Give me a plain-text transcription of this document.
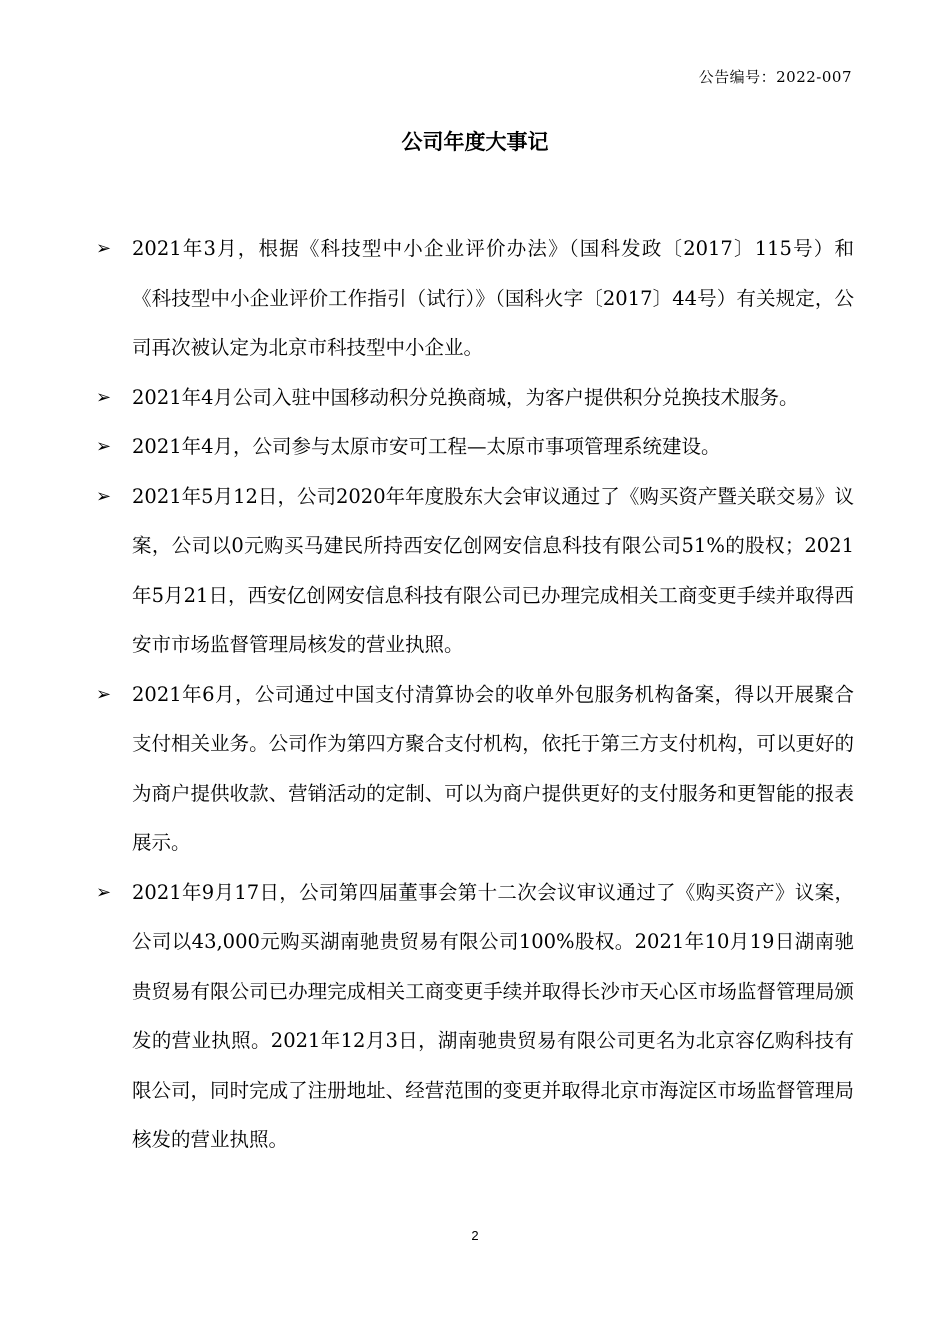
公告编号：2022-007
公司年度大事记
➢ 2021年3月，根据《科技型中小企业评价办法》（国科发政〔2017〕115号）和《科技型中小企业评价工作指引（试行）》（国科火字〔2017〕44号）有关规定，公司再次被认定为北京市科技型中小企业。
➢ 2021年4月公司入驻中国移动积分兑换商城，为客户提供积分兑换技术服务。
➢ 2021年4月，公司参与太原市安可工程—太原市事项管理系统建设。
➢ 2021年5月12日，公司2020年年度股东大会审议通过了《购买资产暨关联交易》议案，公司以0元购买马建民所持西安亿创网安信息科技有限公司51%的股权；2021年5月21日，西安亿创网安信息科技有限公司已办理完成相关工商变更手续并取得西安市市场监督管理局核发的营业执照。
➢ 2021年6月，公司通过中国支付清算协会的收单外包服务机构备案，得以开展聚合支付相关业务。公司作为第四方聚合支付机构，依托于第三方支付机构，可以更好的为商户提供收款、营销活动的定制、可以为商户提供更好的支付服务和更智能的报表展示。
➢ 2021年9月17日，公司第四届董事会第十二次会议审议通过了《购买资产》议案，公司以43,000元购买湖南驰贵贸易有限公司100%股权。2021年10月19日湖南驰贵贸易有限公司已办理完成相关工商变更手续并取得长沙市天心区市场监督管理局颁发的营业执照。2021年12月3日，湖南驰贵贸易有限公司更名为北京容亿购科技有限公司，同时完成了注册地址、经营范围的变更并取得北京市海淀区市场监督管理局核发的营业执照。
2
